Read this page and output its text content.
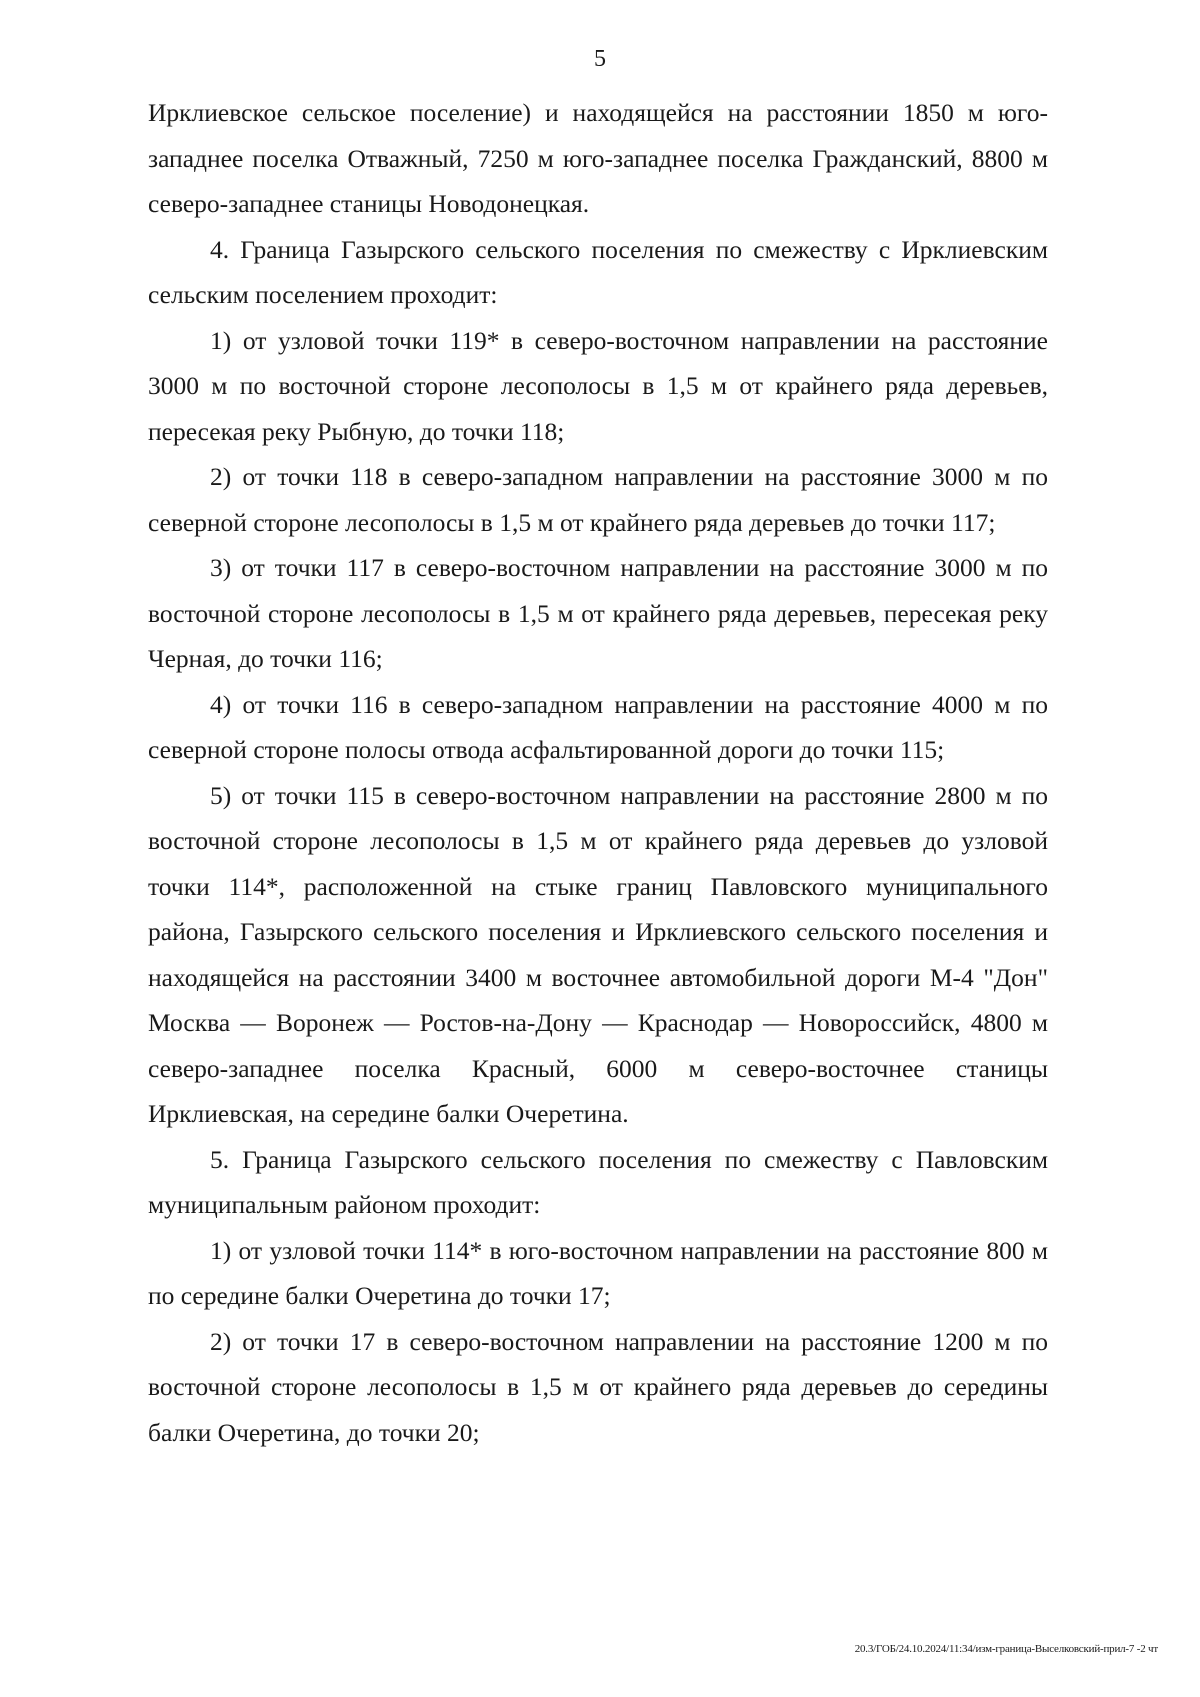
5

Ирклиевское сельское поселение) и находящейся на расстоянии 1850 м юго-западнее поселка Отважный, 7250 м юго-западнее поселка Гражданский, 8800 м северо-западнее станицы Новодонецкая.

4. Граница Газырского сельского поселения по смежеству с Ирклиевским сельским поселением проходит:

1) от узловой точки 119* в северо-восточном направлении на расстояние 3000 м по восточной стороне лесополосы в 1,5 м от крайнего ряда деревьев, пересекая реку Рыбную, до точки 118;

2) от точки 118 в северо-западном направлении на расстояние 3000 м по северной стороне лесополосы в 1,5 м от крайнего ряда деревьев до точки 117;

3) от точки 117 в северо-восточном направлении на расстояние 3000 м по восточной стороне лесополосы в 1,5 м от крайнего ряда деревьев, пересекая реку Черная, до точки 116;

4) от точки 116 в северо-западном направлении на расстояние 4000 м по северной стороне полосы отвода асфальтированной дороги до точки 115;

5) от точки 115 в северо-восточном направлении на расстояние 2800 м по восточной стороне лесополосы в 1,5 м от крайнего ряда деревьев до узловой точки 114*, расположенной на стыке границ Павловского муниципального района, Газырского сельского поселения и Ирклиевского сельского поселения и находящейся на расстоянии 3400 м восточнее автомобильной дороги М-4 "Дон" Москва — Воронеж — Ростов-на-Дону — Краснодар — Новороссийск, 4800 м северо-западнее поселка Красный, 6000 м северо-восточнее станицы Ирклиевская, на середине балки Очеретина.

5. Граница Газырского сельского поселения по смежеству с Павловским муниципальным районом проходит:

1) от узловой точки 114* в юго-восточном направлении на расстояние 800 м по середине балки Очеретина до точки 17;

2) от точки 17 в северо-восточном направлении на расстояние 1200 м по восточной стороне лесополосы в 1,5 м от крайнего ряда деревьев до середины балки Очеретина, до точки 20;

20.3/ГОБ/24.10.2024/11:34/изм-граница-Выселковский-прил-7 -2 чт
